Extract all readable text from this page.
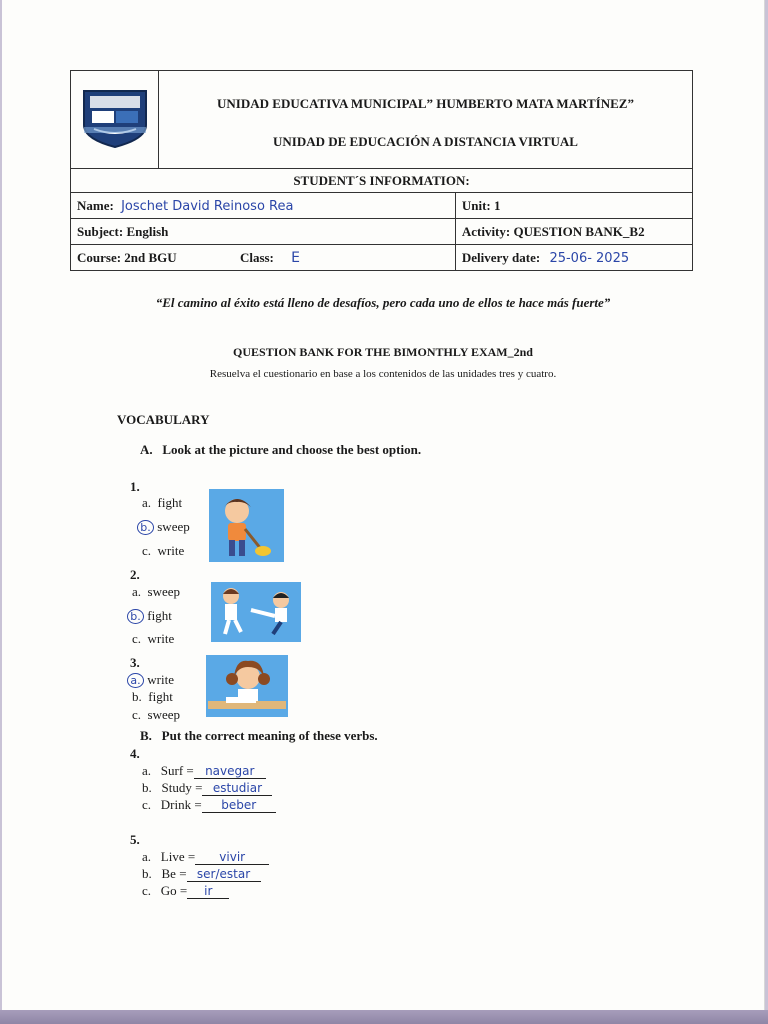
UNIDAD EDUCATIVA MUNICIPAL” HUMBERTO MATA MARTÍNEZ”
UNIDAD DE EDUCACIÓN A DISTANCIA VIRTUAL	

STUDENT´S INFORMATION:		
Name: Joschet David Reinoso Rea		Unit: 1
Subject: English		Activity: QUESTION BANK_B2
Course: 2nd BGU Class: E		Delivery date: 25-06- 2025
“El camino al éxito está lleno de desafíos, pero cada uno de ellos te hace más fuerte”
QUESTION BANK FOR THE BIMONTHLY EXAM_2nd
Resuelva el cuestionario en base a los contenidos de las unidades tres y cuatro.
VOCABULARY
A.   Look at the picture and choose the best option.
1.
a. fight
b. sweep
c. write
2.
a. sweep
b. fight
c. write
3.
a. write
b. fight
c. sweep
B.   Put the correct meaning of these verbs.
4.
a. Surf = navegar
b. Study = estudiar
c. Drink = beber
5.
a. Live = vivir
b. Be = ser/estar
c. Go = ir
